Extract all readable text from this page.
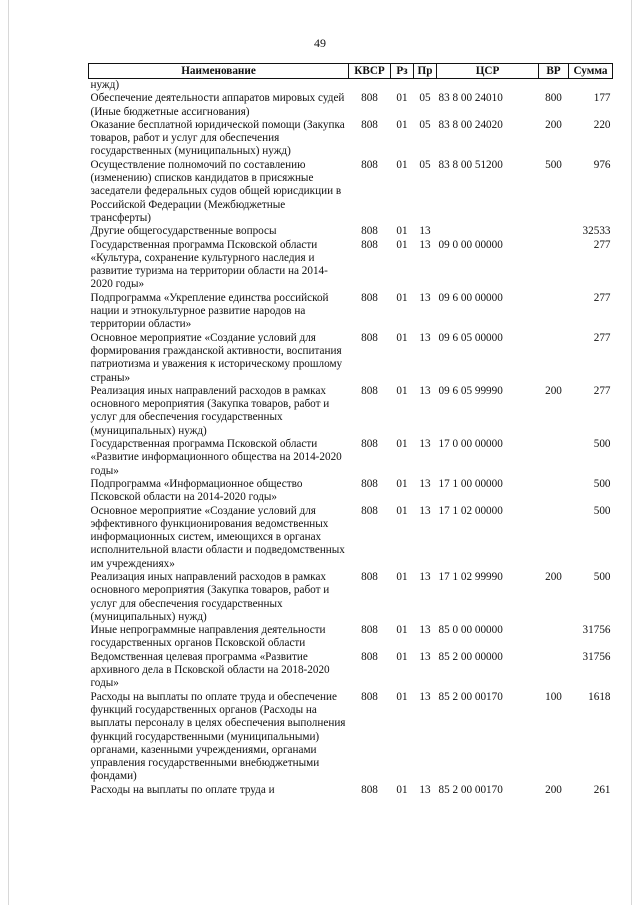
49
Наименование	КВСР	Рз	Пр	ЦСР	ВР	Сумма
нужд)						
Обеспечение деятельности аппаратов мировых судей (Иные бюджетные ассигнования)	808	01	05	83 8 00 24010	800	177
Оказание бесплатной юридической помощи (Закупка товаров, работ и услуг для обеспечения государственных (муниципальных) нужд)	808	01	05	83 8 00 24020	200	220
Осуществление полномочий по составлению (изменению) списков кандидатов в присяжные заседатели федеральных судов общей юрисдикции в Российской Федерации (Межбюджетные трансферты)	808	01	05	83 8 00 51200	500	976
Другие общегосударственные вопросы	808	01	13			32533
Государственная программа Псковской области «Культура, сохранение культурного наследия и развитие туризма на территории области на 2014-2020 годы»	808	01	13	09 0 00 00000		277
Подпрограмма «Укрепление единства российской нации и этнокультурное развитие народов на территории области»	808	01	13	09 6 00 00000		277
Основное мероприятие «Создание условий для формирования гражданской активности, воспитания патриотизма и уважения к историческому прошлому страны»	808	01	13	09 6 05 00000		277
Реализация иных направлений расходов в рамках основного мероприятия (Закупка товаров, работ и услуг для обеспечения государственных (муниципальных) нужд)	808	01	13	09 6 05 99990	200	277
Государственная программа Псковской области «Развитие информационного общества на 2014-2020 годы»	808	01	13	17 0 00 00000		500
Подпрограмма «Информационное общество Псковской области на 2014-2020 годы»	808	01	13	17 1 00 00000		500
Основное мероприятие «Создание условий для эффективного функционирования ведомственных информационных систем, имеющихся в органах исполнительной власти области и подведомственных им учреждениях»	808	01	13	17 1 02 00000		500
Реализация иных направлений расходов в рамках основного мероприятия (Закупка товаров, работ и услуг для обеспечения государственных (муниципальных) нужд)	808	01	13	17 1 02 99990	200	500
Иные непрограммные направления деятельности государственных органов Псковской области	808	01	13	85 0 00 00000		31756
Ведомственная целевая программа «Развитие архивного дела в Псковской области на 2018-2020 годы»	808	01	13	85 2 00 00000		31756
Расходы на выплаты по оплате труда и обеспечение функций государственных органов (Расходы на выплаты персоналу в целях обеспечения выполнения функций государственными (муниципальными) органами, казенными учреждениями, органами управления государственными внебюджетными фондами)	808	01	13	85 2 00 00170	100	1618
Расходы на выплаты по оплате труда и	808	01	13	85 2 00 00170	200	261
